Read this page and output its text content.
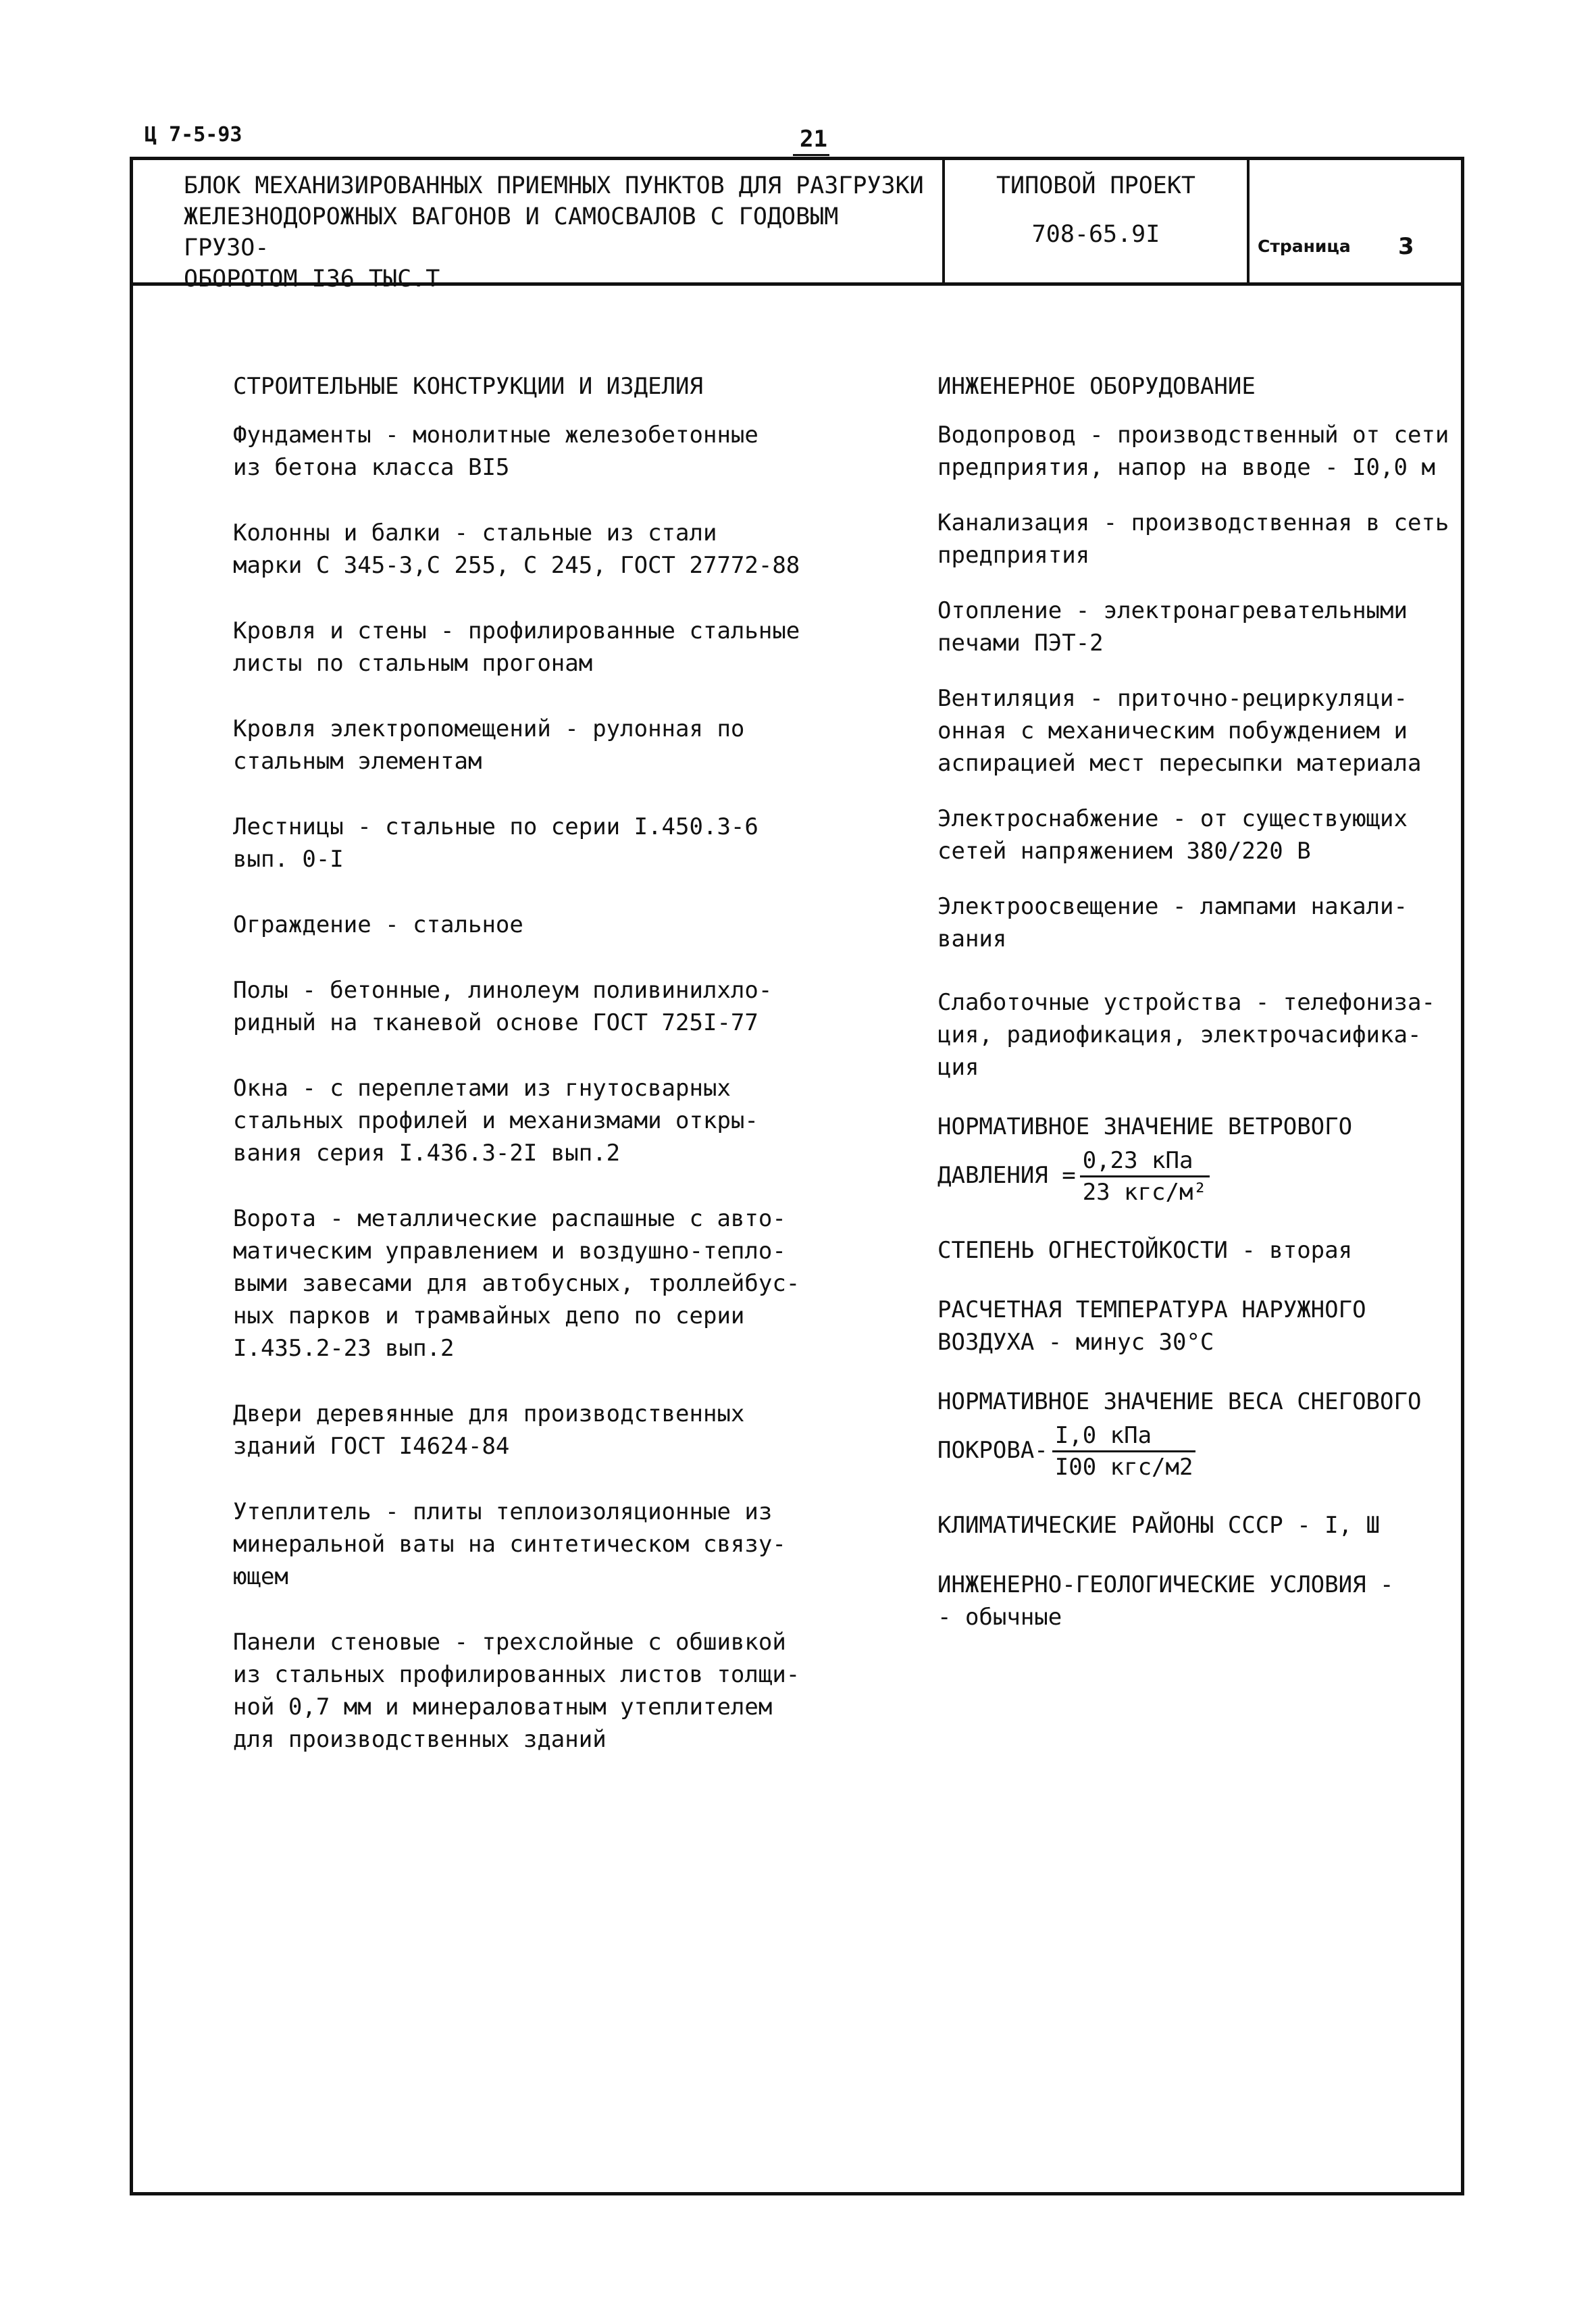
Ц 7-5-93	21
БЛОК МЕХАНИЗИРОВАННЫХ ПРИЕМНЫХ ПУНКТОВ ДЛЯ РАЗГРУЗКИ
ЖЕЛЕЗНОДОРОЖНЫХ ВАГОНОВ И САМОСВАЛОВ С ГОДОВЫМ ГРУЗО-
ОБОРОТОМ I36 ТЫС.Т
ТИПОВОЙ ПРОЕКТ
708-65.9I	Страница 3
СТРОИТЕЛЬНЫЕ КОНСТРУКЦИИ И ИЗДЕЛИЯ
Фундаменты - монолитные железобетонные
из бетона класса BI5
Колонны и балки - стальные из стали
марки С 345-3,С 255, С 245, ГОСТ 27772-88
Кровля и стены - профилированные стальные
листы по стальным прогонам
Кровля электропомещений - рулонная по
стальным элементам
Лестницы - стальные по серии I.450.3-6
вып. 0-I
Ограждение - стальное
Полы - бетонные, линолеум поливинилхло-
ридный на тканевой основе ГОСТ 725I-77
Окна - с переплетами из гнутосварных
стальных профилей и механизмами откры-
вания серия I.436.3-2I вып.2
Ворота - металлические распашные с авто-
матическим управлением и воздушно-тепло-
выми завесами для автобусных, троллейбус-
ных парков и трамвайных депо по серии
I.435.2-23 вып.2
Двери деревянные для производственных
зданий ГОСТ I4624-84
Утеплитель - плиты теплоизоляционные из
минеральной ваты на синтетическом связу-
ющем
Панели стеновые - трехслойные с обшивкой
из стальных профилированных листов толщи-
ной 0,7 мм и минераловатным утеплителем
для производственных зданий
ИНЖЕНЕРНОЕ ОБОРУДОВАНИЕ
Водопровод - производственный от сети
предприятия, напор на вводе - I0,0 м
Канализация - производственная в сеть
предприятия
Отопление - электронагревательными
печами ПЭТ-2
Вентиляция - приточно-рециркуляци-
онная с механическим побуждением и
аспирацией мест пересыпки материала
Электроснабжение - от существующих
сетей напряжением 380/220 В
Электроосвещение - лампами накали-
вания
Слаботочные устройства - телефониза-
ция, радиофикация, электрочасифика-
ция
НОРМАТИВНОЕ ЗНАЧЕНИЕ ВЕТРОВОГО
ДАВЛЕНИЯ = $\frac{\text{0,23 кПа}}{\text{23 кгс/м²}}$
СТЕПЕНЬ ОГНЕСТОЙКОСТИ - вторая
РАСЧЕТНАЯ ТЕМПЕРАТУРА НАРУЖНОГО
ВОЗДУХА - минус 30°С
НОРМАТИВНОЕ ЗНАЧЕНИЕ ВЕСА СНЕГОВОГО
ПОКРОВА- $\frac{\text{I,0 кПа}}{\text{I00 кгс/м2}}$
КЛИМАТИЧЕСКИЕ РАЙОНЫ СССР - I, Ш
ИНЖЕНЕРНО-ГЕОЛОГИЧЕСКИЕ УСЛОВИЯ -
- обычные
